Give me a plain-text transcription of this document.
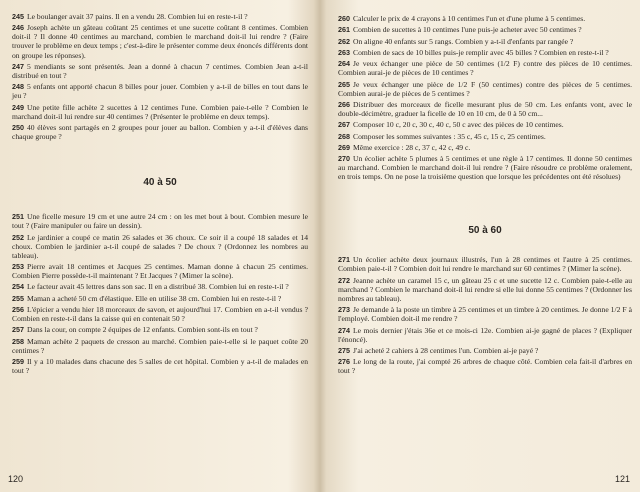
245 Le boulanger avait 37 pains. Il en a vendu 28. Combien lui en reste-t-il ?
246 Joseph achète un gâteau coûtant 25 centimes et une sucette coûtant 8 centimes. Combien doit-il ? Il donne 40 centimes au marchand, combien le marchand doit-il lui rendre ? (Faire trouver le problème en deux temps ; c'est-à-dire le présenter comme deux énoncés différents dont on groupe les réponses).
247 5 mendiants se sont présentés. Jean a donné à chacun 7 centimes. Combien Jean a-t-il distribué en tout ?
248 5 enfants ont apporté chacun 8 billes pour jouer. Combien y a-t-il de billes en tout dans le jeu ?
249 Une petite fille achète 2 sucettes à 12 centimes l'une. Combien paie-t-elle ? Combien le marchand doit-il lui rendre sur 40 centimes ? (Présenter le problème en deux temps).
250 40 élèves sont partagés en 2 groupes pour jouer au ballon. Combien y a-t-il d'élèves dans chaque groupe ?
40 à 50
251 Une ficelle mesure 19 cm et une autre 24 cm : on les met bout à bout. Combien mesure le tout ? (Faire manipuler ou faire un dessin).
252 Le jardinier a coupé ce matin 26 salades et 36 choux. Ce soir il a coupé 18 salades et 14 choux. Combien le jardinier a-t-il coupé de salades ? De choux ? (Ordonnez les nombres au tableau).
253 Pierre avait 18 centimes et Jacques 25 centimes. Maman donne à chacun 25 centimes. Combien Pierre possède-t-il maintenant ? Et Jacques ? (Mimer la scène).
254 Le facteur avait 45 lettres dans son sac. Il en a distribué 38. Combien lui en reste-t-il ?
255 Maman a acheté 50 cm d'élastique. Elle en utilise 38 cm. Combien lui en reste-t-il ?
256 L'épicier a vendu hier 18 morceaux de savon, et aujourd'hui 17. Combien en a-t-il vendus ? Combien en reste-t-il dans la caisse qui en contenait 50 ?
257 Dans la cour, on compte 2 équipes de 12 enfants. Combien sont-ils en tout ?
258 Maman achète 2 paquets de cresson au marché. Combien paie-t-elle si le paquet coûte 20 centimes ?
259 Il y a 10 malades dans chacune des 5 salles de cet hôpital. Combien y a-t-il de malades en tout ?
120
260 Calculer le prix de 4 crayons à 10 centimes l'un et d'une plume à 5 centimes.
261 Combien de sucettes à 10 centimes l'une puis-je acheter avec 50 centimes ?
262 On aligne 40 enfants sur 5 rangs. Combien y a-t-il d'enfants par rangée ?
263 Combien de sacs de 10 billes puis-je remplir avec 45 billes ? Combien en reste-t-il ?
264 Je veux échanger une pièce de 50 centimes (1/2 F) contre des pièces de 10 centimes. Combien aurai-je de pièces de 10 centimes ?
265 Je veux échanger une pièce de 1/2 F (50 centimes) contre des pièces de 5 centimes. Combien aurai-je de pièces de 5 centimes ?
266 Distribuer des morceaux de ficelle mesurant plus de 50 cm. Les enfants vont, avec le double-décimètre, graduer la ficelle de 10 en 10 cm, de 0 à 50 cm...
267 Composer 10 c, 20 c, 30 c, 40 c, 50 c avec des pièces de 10 centimes.
268 Composer les sommes suivantes : 35 c, 45 c, 15 c, 25 centimes.
269 Même exercice : 28 c, 37 c, 42 c, 49 c.
270 Un écolier achète 5 plumes à 5 centimes et une règle à 17 centimes. Il donne 50 centimes au marchand. Combien le marchand doit-il lui rendre ? (Faire résoudre ce problème oralement, en trois temps. On ne pose la troisième question que lorsque les précédentes ont été résolues)
50 à 60
271 Un écolier achète deux journaux illustrés, l'un à 28 centimes et l'autre à 25 centimes. Combien paie-t-il ? Combien doit lui rendre le marchand sur 60 centimes ? (Mimer la scène).
272 Jeanne achète un caramel 15 c, un gâteau 25 c et une sucette 12 c. Combien paie-t-elle au marchand ? Combien le marchand doit-il lui rendre si elle lui donne 55 centimes ? (Ordonner les nombres au tableau).
273 Je demande à la poste un timbre à 25 centimes et un timbre à 20 centimes. Je donne 1/2 F à l'employé. Combien doit-il me rendre ?
274 Le mois dernier j'étais 36e et ce mois-ci 12e. Combien ai-je gagné de places ? (Expliquer l'énoncé).
275 J'ai acheté 2 cahiers à 28 centimes l'un. Combien ai-je payé ?
276 Le long de la route, j'ai compté 26 arbres de chaque côté. Combien cela fait-il d'arbres en tout ?
121
